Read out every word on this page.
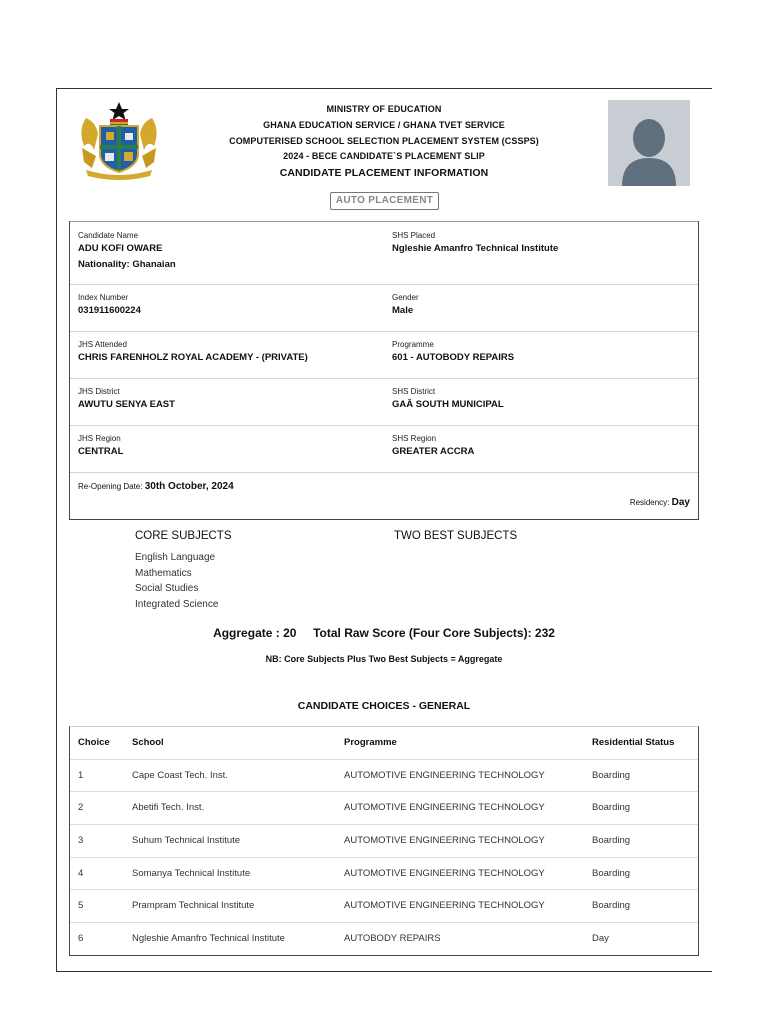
MINISTRY OF EDUCATION
GHANA EDUCATION SERVICE / GHANA TVET SERVICE
COMPUTERISED SCHOOL SELECTION PLACEMENT SYSTEM (CSSPS)
2024 - BECE CANDIDATE`S PLACEMENT SLIP
CANDIDATE PLACEMENT INFORMATION
AUTO PLACEMENT
Candidate Name
ADU KOFI OWARE
Nationality: Ghanaian
SHS Placed
Ngleshie Amanfro Technical Institute
Index Number
031911600224
Gender
Male
JHS Attended
CHRIS FARENHOLZ ROYAL ACADEMY - (PRIVATE)
Programme
601 - AUTOBODY REPAIRS
JHS District
AWUTU SENYA EAST
SHS District
GAÂ SOUTH MUNICIPAL
JHS Region
CENTRAL
SHS Region
GREATER ACCRA
Re-Opening Date: 30th October, 2024
Residency: Day
CORE SUBJECTS	TWO BEST SUBJECTS
English Language
Mathematics
Social Studies
Integrated Science
Aggregate : 20 Total Raw Score (Four Core Subjects): 232
NB: Core Subjects Plus Two Best Subjects = Aggregate
CANDIDATE CHOICES - GENERAL
Choice School	Programme	Residential Status
1	Cape Coast Tech. Inst.	AUTOMOTIVE ENGINEERING TECHNOLOGY	Boarding
2	Abetifi Tech. Inst.	AUTOMOTIVE ENGINEERING TECHNOLOGY	Boarding
3	Suhum Technical Institute	AUTOMOTIVE ENGINEERING TECHNOLOGY	Boarding
4	Somanya Technical Institute	AUTOMOTIVE ENGINEERING TECHNOLOGY	Boarding
5	Prampram Technical Institute	AUTOMOTIVE ENGINEERING TECHNOLOGY	Boarding
6	Ngleshie Amanfro Technical Institute	AUTOBODY REPAIRS	Day
